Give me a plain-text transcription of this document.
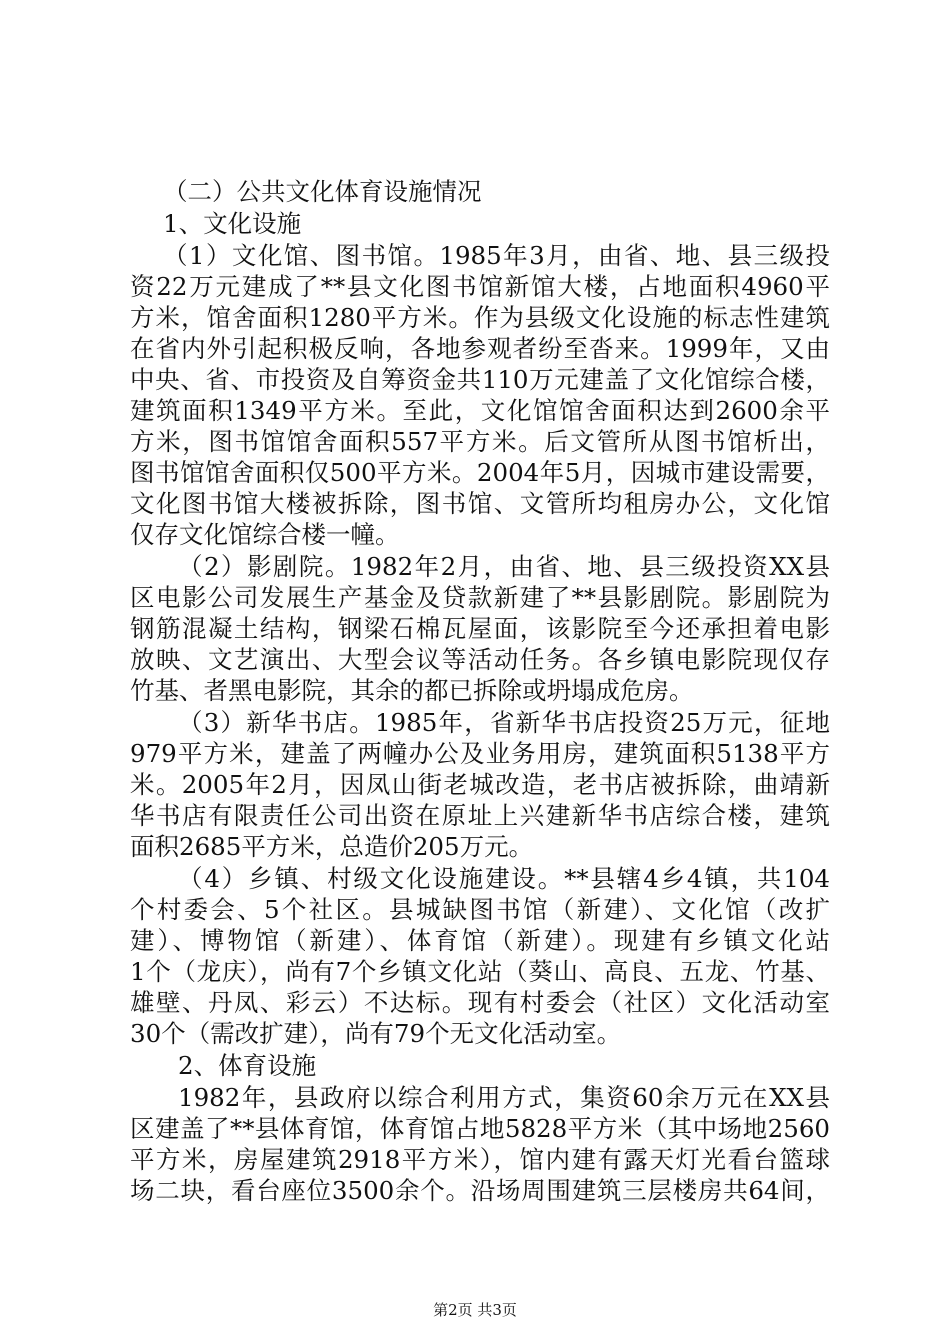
（二）公共文化体育设施情况
1、文化设施
（1）文化馆、图书馆。1985年3月，由省、地、县三级投
资22万元建成了**县文化图书馆新馆大楼，占地面积4960平
方米，馆舍面积1280平方米。作为县级文化设施的标志性建筑
在省内外引起积极反响，各地参观者纷至沓来。1999年，又由
中央、省、市投资及自筹资金共110万元建盖了文化馆综合楼，
建筑面积1349平方米。至此，文化馆馆舍面积达到2600余平
方米，图书馆馆舍面积557平方米。后文管所从图书馆析出，
图书馆馆舍面积仅500平方米。2004年5月，因城市建设需要，
文化图书馆大楼被拆除，图书馆、文管所均租房办公，文化馆
仅存文化馆综合楼一幢。
（2）影剧院。1982年2月，由省、地、县三级投资XX县
区电影公司发展生产基金及贷款新建了**县影剧院。影剧院为
钢筋混凝土结构，钢梁石棉瓦屋面，该影院至今还承担着电影
放映、文艺演出、大型会议等活动任务。各乡镇电影院现仅存
竹基、者黑电影院，其余的都已拆除或坍塌成危房。
（3）新华书店。1985年，省新华书店投资25万元，征地
979平方米，建盖了两幢办公及业务用房，建筑面积5138平方
米。2005年2月，因凤山街老城改造，老书店被拆除，曲靖新
华书店有限责任公司出资在原址上兴建新华书店综合楼，建筑
面积2685平方米，总造价205万元。
（4）乡镇、村级文化设施建设。**县辖4乡4镇，共104
个村委会、5个社区。县城缺图书馆（新建）、文化馆（改扩
建）、博物馆（新建）、体育馆（新建）。现建有乡镇文化站
1个（龙庆），尚有7个乡镇文化站（葵山、高良、五龙、竹基、
雄壁、丹凤、彩云）不达标。现有村委会（社区）文化活动室
30个（需改扩建），尚有79个无文化活动室。
2、体育设施
1982年，县政府以综合利用方式，集资60余万元在XX县
区建盖了**县体育馆，体育馆占地5828平方米（其中场地2560
平方米，房屋建筑2918平方米），馆内建有露天灯光看台篮球
场二块，看台座位3500余个。沿场周围建筑三层楼房共64间，
第2页 共3页
